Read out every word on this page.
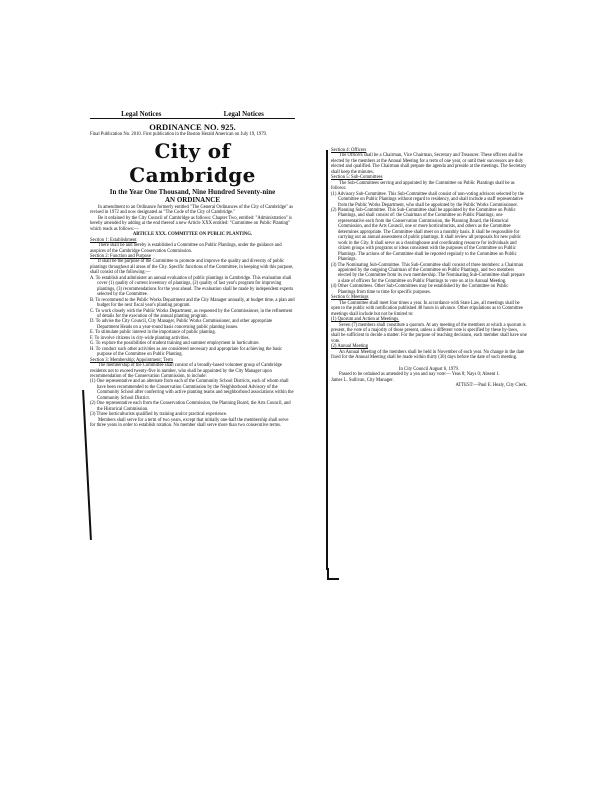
Legal Notices	Legal Notices
ORDINANCE NO. 925.

Final Publication No. 2010. First publication in the Boston Herald American on July 19, 1979.

City of Cambridge
In the Year One Thousand, Nine Hundred Seventy-nine
AN ORDINANCE

In amendment to an Ordinance formerly entitled "The General Ordinances of the City of Cambridge" as revised in 1972 and now designated as "The Code of the City of Cambridge."

Be it ordained by the City Council of Cambridge as follows: Chapter Two, entitled: "Administration" is hereby amended by adding at the end thereof a new Article XXX entitled: "Committee on Public Planting" which reads as follows:—

ARTICLE XXX. COMMITTEE ON PUBLIC PLANTING.

Section 1: Establishment

There shall be and hereby is established a Committee on Public Plantings, under the guidance and auspices of the Cambridge Conservation Commission.

Section 2: Function and Purpose

It shall be the purpose of the Committee to promote and improve the quality and diversity of public plantings throughout all areas of the City. Specific functions of the Committee, in keeping with this purpose, shall consist of the following:—

A. To establish and administer an annual evaluation of public plantings in Cambridge. This evaluation shall cover (1) quality of current inventory of plantings, (2) quality of last year's program for improving plantings, (3) recommendations for the year ahead. The evaluation shall be made by independent experts selected by the Committee.

B. To recommend to the Public Works Department and the City Manager annually, at budget time, a plan and budget for the next fiscal year's planting program.

C. To work closely with the Public Works Department, as requested by the Commissioner, in the refinement of details for the execution of the annual planting program.

D. To advise the City Council, City Manager, Public Works Commissioner, and other appropriate Department Heads on a year-round basis concerning public planting issues.

E. To stimulate public interest in the importance of public planting.

F. To involve citizens in city-wide planting activities.

G. To explore the possibilities of student training and summer employment in horticulture.

H. To conduct such other activities as are considered necessary and appropriate for achieving the basic purpose of the Committee on Public Planting.

Section 3: Membership; Appointment; Term

The membership of the Committee shall consist of a broadly-based volunteer group of Cambridge residents not to exceed twenty-five in number, who shall be appointed by the City Manager upon recommendation of the Conservation Commission, to include:

(1) One representative and an alternate from each of the Community School Districts, each of whom shall have been recommended to the Conservation Commission by the Neighborhood Advisory of the Community School after conferring with active planting teams and neighborhood associations within the Community School District.

(2) One representative each from the Conservation Commission, the Planning Board, the Arts Council, and the Historical Commission.

(3) Three horticulturists qualified by training and/or practical experience.

Members shall serve for a term of two years, except that initially one-half the membership shall serve for three years in order to establish rotation. No member shall serve more than two consecutive terms.

Section 4: Officers

The Officers shall be a Chairman, Vice Chairman, Secretary and Treasurer. These officers shall be elected by the members at the Annual Meeting for a term of one year, or until their successors are duly elected and qualified. The Chairman shall prepare the agenda and preside at the meetings. The Secretary shall keep the minutes.

Section 5: Sub-Committees

The Sub-Committees serving and appointed by the Committee on Public Plantings shall be as follows:

(1) Advisory Sub-Committee. This Sub-Committee shall consist of non-voting advisors selected by the Committee on Public Plantings without regard to residency, and shall include a staff representative from the Public Works Department, who shall be appointed by the Public Works Commissioner.

(2) Planning Sub-Committee. This Sub-Committee shall be appointed by the Committee on Public Plantings, and shall consist of: the Chairman of the Committee on Public Plantings; one representative each from the Conservation Commission, the Planning Board, the Historical Commission, and the Arts Council, one or more horticulturists, and others as the Committee determines appropriate. The Committee shall meet on a monthly basis. It shall be responsible for carrying out an annual assessment of public plantings. It shall review all proposals for new public work in the City. It shall serve as a clearinghouse and coordinating resource for individuals and citizen groups with programs or ideas consistent with the purposes of the Committee on Public Plantings. The actions of the Committee shall be reported regularly to the Committee on Public Plantings.

(3) The Nominating Sub-Committee. This Sub-Committee shall consist of three members: a Chairman appointed by the outgoing Chairman of the Committee on Public Plantings, and two members elected by the Committee from its own membership. The Nominating Sub-Committee shall prepare a slate of officers for the Committee on Public Plantings to vote on at its Annual Meeting.

(4) Other Committees. Other Sub-Committees may be established by the Committee on Public Plantings from time to time for specific purposes.

Section 6: Meetings

The Committee shall meet four times a year. In accordance with State Law, all meetings shall be open to the public with notification published 48 hours in advance. Other stipulations as to Committee meetings shall include but not be limited to:

(1) Quorum and Action at Meetings.

Seven (7) members shall constitute a quorum. At any meeting of the members at which a quorum is present, the vote of a majority of those present, unless a different vote is specified by these by-laws, shall be sufficient to decide a matter. For the purpose of reaching decisions, each member shall have one vote.

(2) Annual Meeting

An Annual Meeting of the members shall be held in November of each year. No change in the date fixed for the Annual Meeting shall be made within thirty (30) days before the date of such meeting.

In City Council August 6, 1979.

Passed to be ordained as amended by a yea and nay vote:— Yeas 8; Nays 0; Absent 1.

James L. Sullivan, City Manager.

ATTEST:—Paul E. Healy, City Clerk.
